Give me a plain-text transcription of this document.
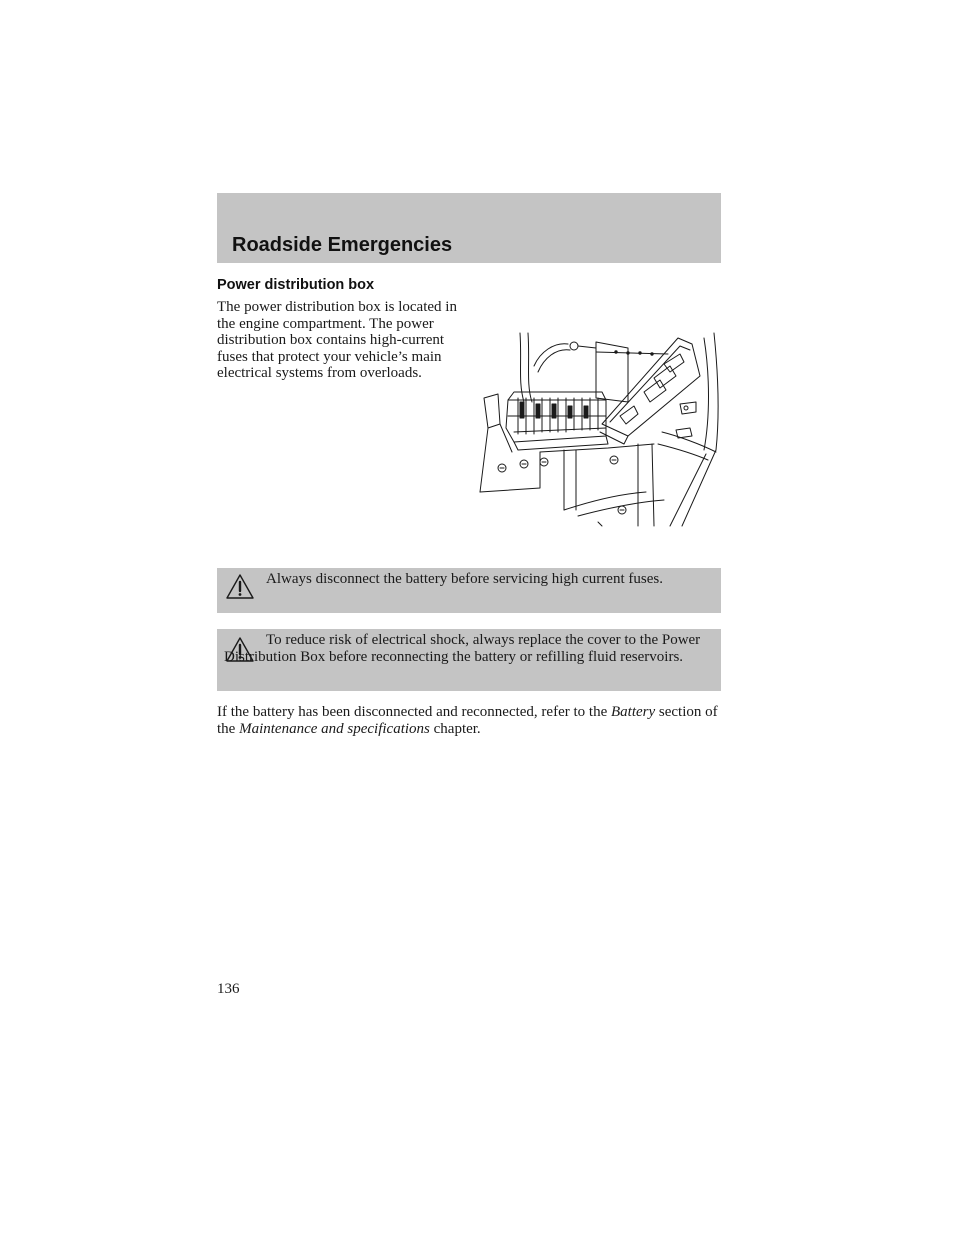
Roadside Emergencies
Power distribution box

The power distribution box is located in the engine compartment. The power distribution box contains high-current fuses that protect your vehicle’s main electrical systems from overloads.

Always disconnect the battery before servicing high current fuses.

To reduce risk of electrical shock, always replace the cover to the Power Distribution Box before reconnecting the battery or refilling fluid reservoirs.

If the battery has been disconnected and reconnected, refer to the Battery section of the Maintenance and specifications chapter.

136
